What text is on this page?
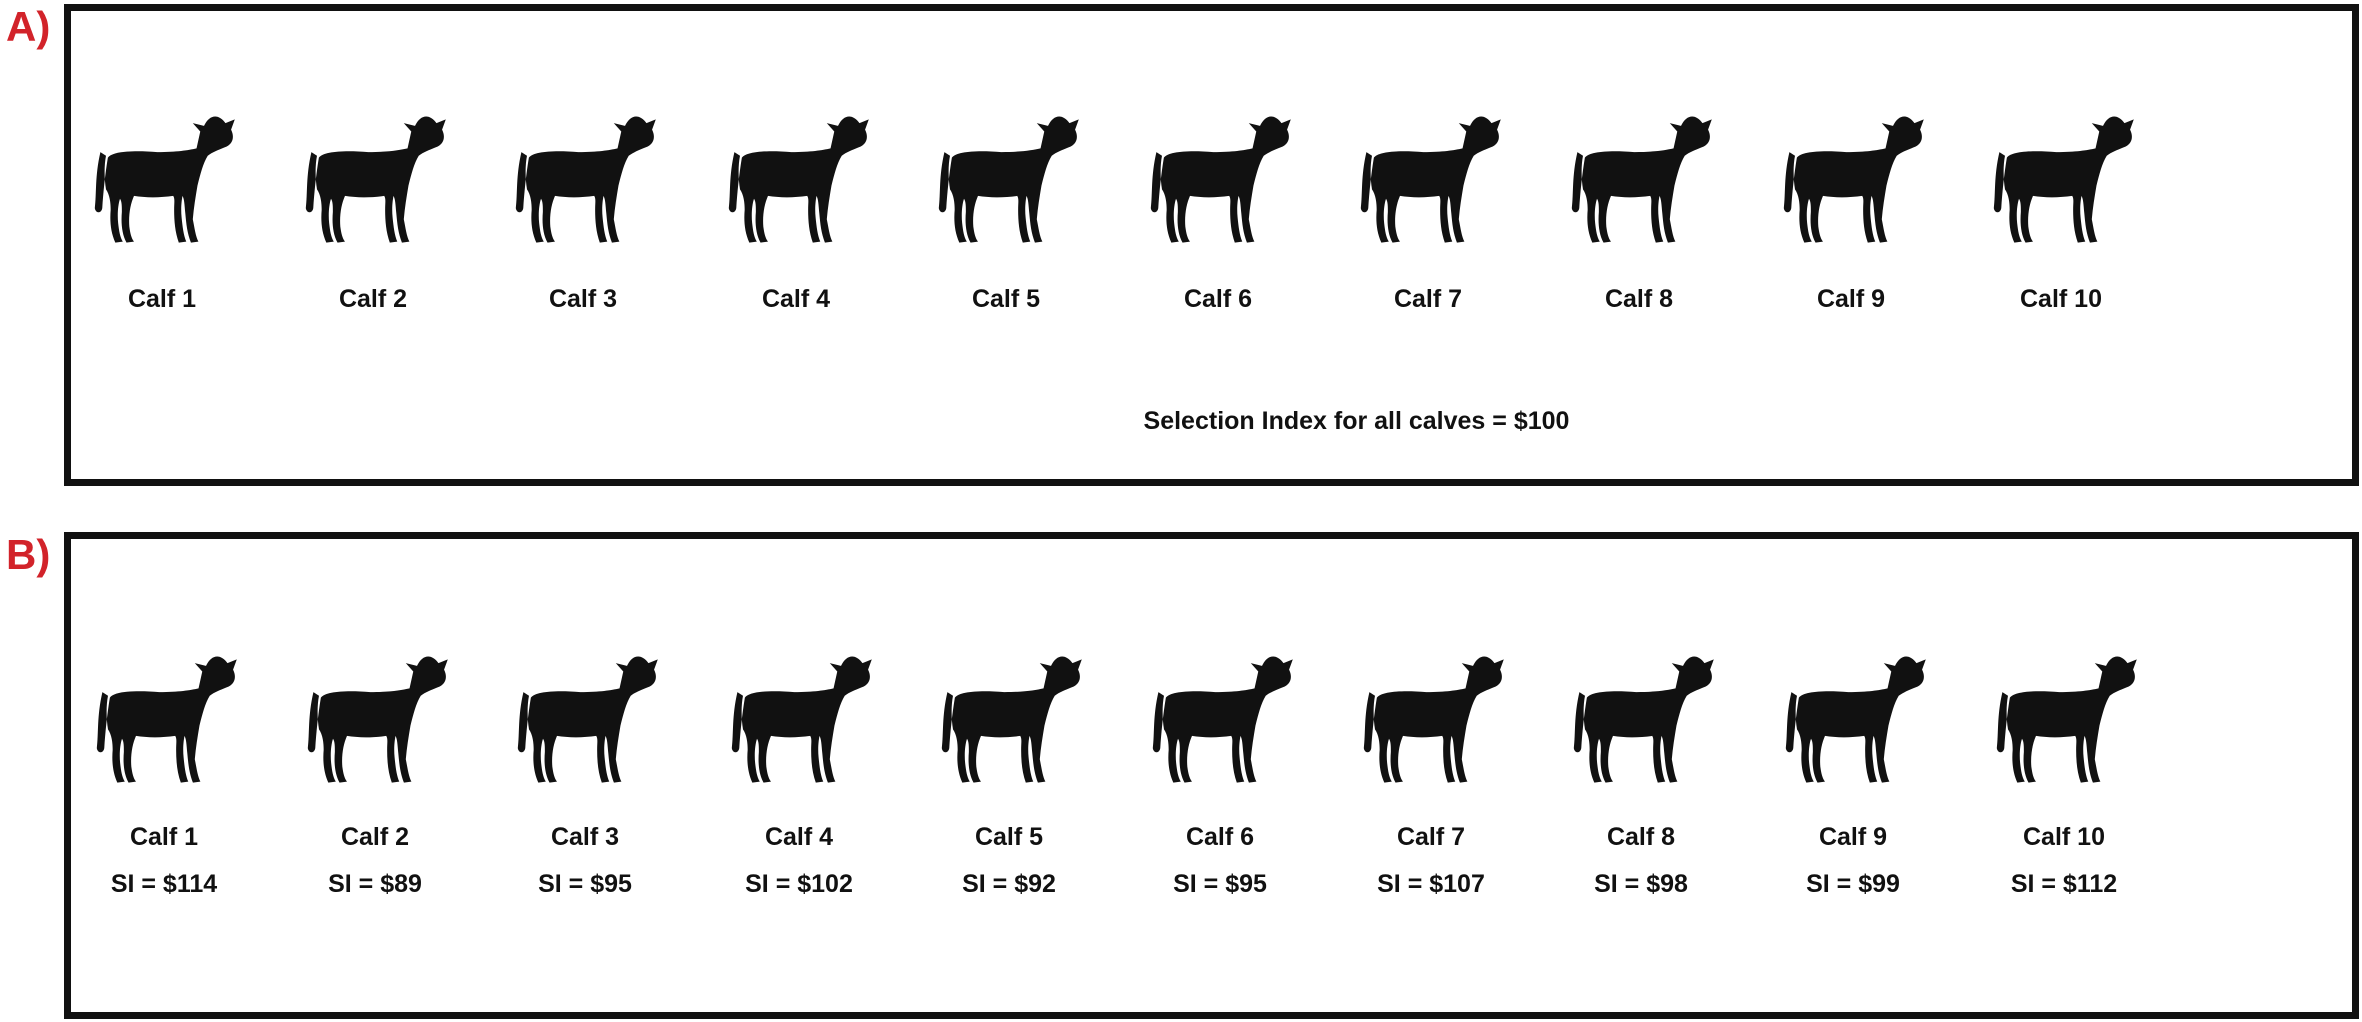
A)
Calf 1	Calf 2	Calf 3	Calf 4	Calf 5	Calf 6	Calf 7	Calf 8	Calf 9	Calf 10
Selection Index for all calves = $100
B)
Calf 1
SI = $114
Calf 2
SI = $89
Calf 3
SI = $95
Calf 4
SI = $102
Calf 5
SI = $92
Calf 6
SI = $95
Calf 7
SI = $107
Calf 8
SI = $98
Calf 9
SI = $99
Calf 10
SI = $112
